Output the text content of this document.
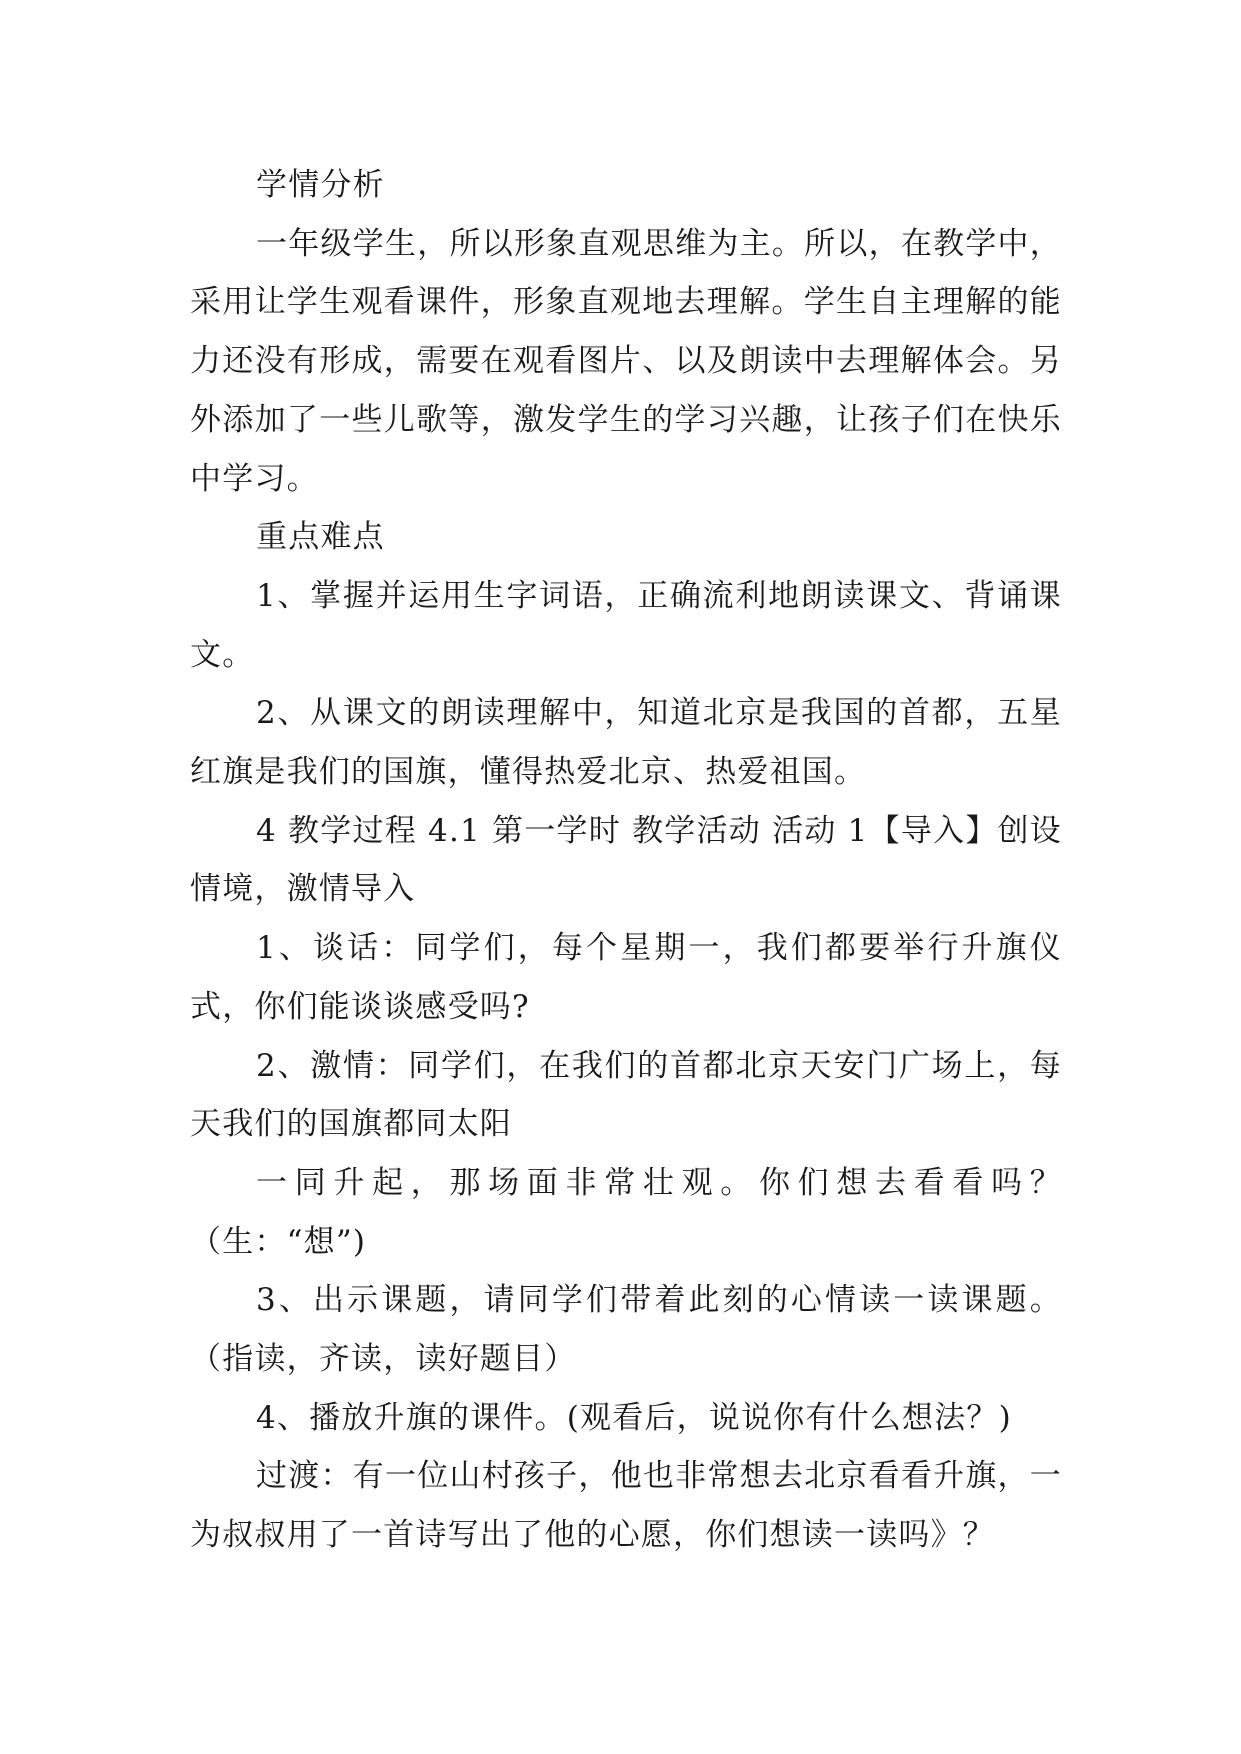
学情分析

一年级学生，所以形象直观思维为主。所以，在教学中，采用让学生观看课件，形象直观地去理解。学生自主理解的能力还没有形成，需要在观看图片、以及朗读中去理解体会。另外添加了一些儿歌等，激发学生的学习兴趣，让孩子们在快乐中学习。

重点难点

1、掌握并运用生字词语，正确流利地朗读课文、背诵课文。

2、从课文的朗读理解中，知道北京是我国的首都，五星红旗是我们的国旗，懂得热爱北京、热爱祖国。

4 教学过程 4.1 第一学时 教学活动 活动 1【导入】创设情境，激情导入

1、谈话：同学们，每个星期一，我们都要举行升旗仪式，你们能谈谈感受吗?

2、激情：同学们，在我们的首都北京天安门广场上，每天我们的国旗都同太阳

一同升起，那场面非常壮观。你们想去看看吗？（生：“想”)

3、出示课题，请同学们带着此刻的心情读一读课题。（指读，齐读，读好题目）

4、播放升旗的课件。(观看后，说说你有什么想法？)

过渡：有一位山村孩子，他也非常想去北京看看升旗，一为叔叔用了一首诗写出了他的心愿，你们想读一读吗》？
